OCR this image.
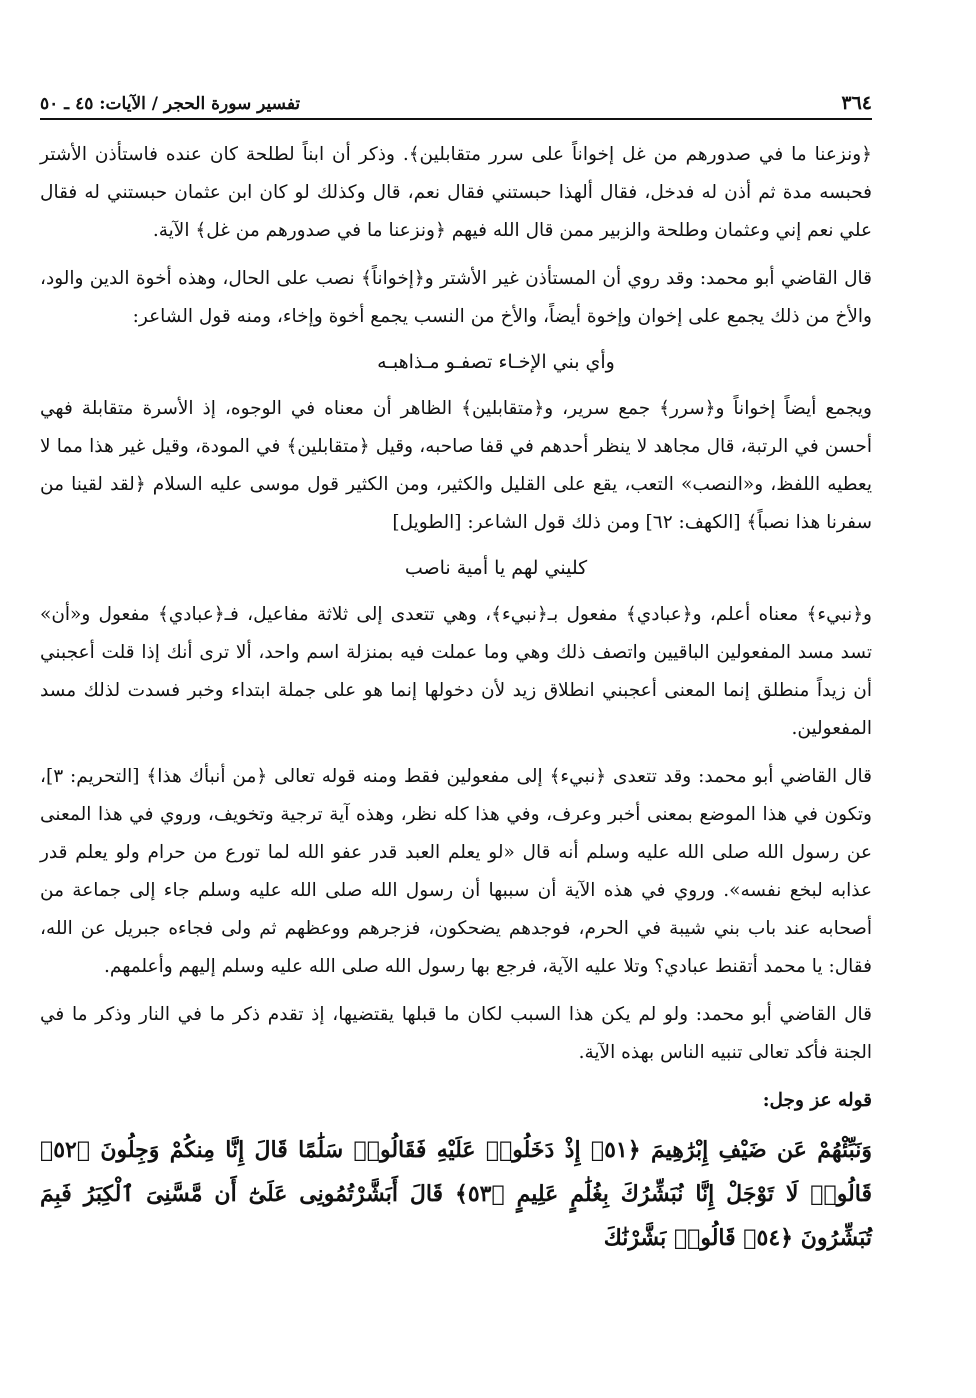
٣٦٤
تفسير سورة الحجر / الآيات: ٤٥ ـ ٥٠

﴿ونزعنا ما في صدورهم من غل إخواناً على سرر متقابلين﴾. وذكر أن ابناً لطلحة كان عنده فاستأذن الأشتر فحبسه مدة ثم أذن له فدخل، فقال ألهذا حبستني فقال نعم، قال وكذلك لو كان ابن عثمان حبستني له فقال علي نعم إني وعثمان وطلحة والزبير ممن قال الله فيهم ﴿ونزعنا ما في صدورهم من غل﴾ الآية.

قال القاضي أبو محمد: وقد روي أن المستأذن غير الأشتر و﴿إخواناً﴾ نصب على الحال، وهذه أخوة الدين والود، والأخ من ذلك يجمع على إخوان وإخوة أيضاً، والأخ من النسب يجمع أخوة وإخاء، ومنه قول الشاعر:

وأي بني الإخـاء تصفـو مـذاهبـه

ويجمع أيضاً إخواناً و﴿سرر﴾ جمع سرير، و﴿متقابلين﴾ الظاهر أن معناه في الوجوه، إذ الأسرة متقابلة فهي أحسن في الرتبة، قال مجاهد لا ينظر أحدهم في قفا صاحبه، وقيل ﴿متقابلين﴾ في المودة، وقيل غير هذا مما لا يعطيه اللفظ، و«النصب» التعب، يقع على القليل والكثير، ومن الكثير قول موسى عليه السلام ﴿لقد لقينا من سفرنا هذا نصباً﴾ [الكهف: ٦٢] ومن ذلك قول الشاعر: [الطويل]

كليني لهم يا أمية ناصب

و﴿نبيء﴾ معناه أعلم، و﴿عبادي﴾ مفعول بـ﴿نبيء﴾، وهي تتعدى إلى ثلاثة مفاعيل، فـ﴿عبادي﴾ مفعول و«أن» تسد مسد المفعولين الباقيين واتصف ذلك وهي وما عملت فيه بمنزلة اسم واحد، ألا ترى أنك إذا قلت أعجبني أن زيداً منطلق إنما المعنى أعجبني انطلاق زيد لأن دخولها إنما هو على جملة ابتداء وخبر فسدت لذلك مسد المفعولين.

قال القاضي أبو محمد: وقد تتعدى ﴿نبيء﴾ إلى مفعولين فقط ومنه قوله تعالى ﴿من أنبأك هذا﴾ [التحريم: ٣]، وتكون في هذا الموضع بمعنى أخبر وعرف، وفي هذا كله نظر، وهذه آية ترجية وتخويف، وروي في هذا المعنى عن رسول الله صلى الله عليه وسلم أنه قال «لو يعلم العبد قدر عفو الله لما تورع من حرام ولو يعلم قدر عذابه لبخع نفسه». وروي في هذه الآية أن سببها أن رسول الله صلى الله عليه وسلم جاء إلى جماعة من أصحابه عند باب بني شيبة في الحرم، فوجدهم يضحكون، فزجرهم ووعظهم ثم ولى فجاءه جبريل عن الله، فقال: يا محمد أتقنط عبادي؟ وتلا عليه الآية، فرجع بها رسول الله صلى الله عليه وسلم إليهم وأعلمهم.

قال القاضي أبو محمد: ولو لم يكن هذا السبب لكان ما قبلها يقتضيها، إذ تقدم ذكر ما في النار وذكر ما في الجنة فأكد تعالى تنبيه الناس بهذه الآية.

قوله عز وجل:

وَنَبِّئْهُمْ عَن ضَيْفِ إِبْرَٰهِيمَ ﴿٥١﴾ إِذْ دَخَلُوا۟ عَلَيْهِ فَقَالُوا۟ سَلَٰمًا قَالَ إِنَّا مِنكُمْ وَجِلُونَ ﴿٥٢﴾ قَالُوا۟ لَا تَوْجَلْ إِنَّا نُبَشِّرُكَ بِغُلَٰمٍ عَلِيمٍ ﴿٥٣﴾ قَالَ أَبَشَّرْتُمُونِى عَلَىٰٓ أَن مَّسَّنِىَ ٱلْكِبَرُ فَبِمَ تُبَشِّرُونَ ﴿٥٤﴾ قَالُوا۟ بَشَّرْنَٰكَ
